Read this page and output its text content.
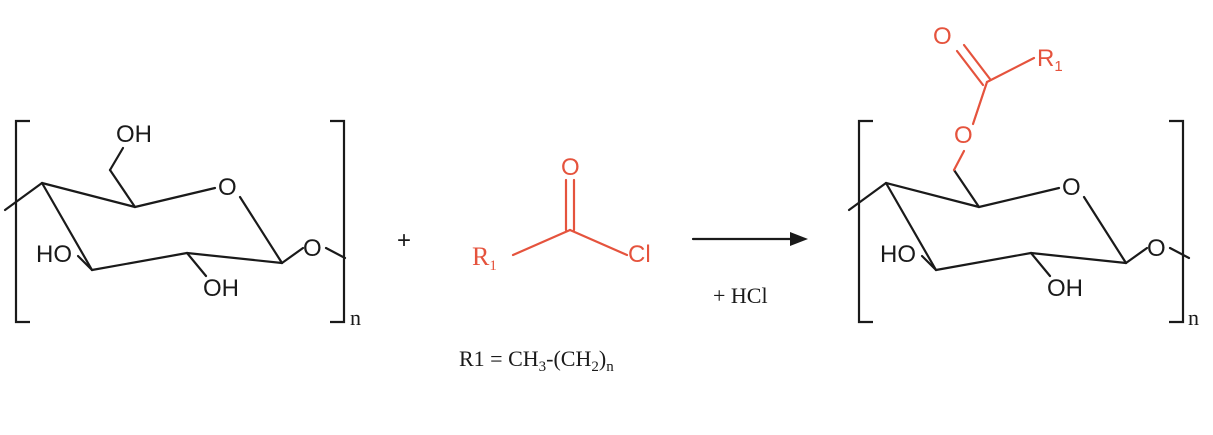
OH
O
HO
OH
O
n
+
O
R1	Cl
$R1 = CH_3-(CH_2)_n$
+ HCl
O
$R_1$
O
O
HO
OH
O
n
